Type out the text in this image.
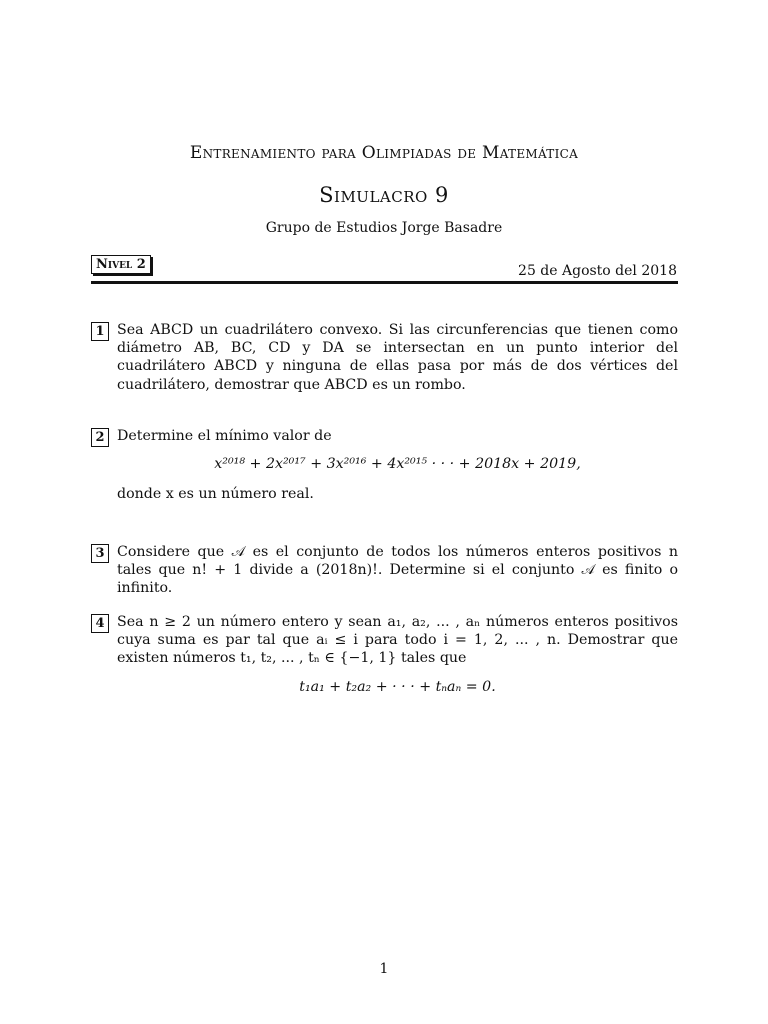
Entrenamiento para Olimpiadas de Matemática
Simulacro 9
Grupo de Estudios Jorge Basadre
Nivel 2	25 de Agosto del 2018
1 Sea ABCD un cuadrilátero convexo. Si las circunferencias que tienen como diámetro AB, BC, CD y DA se intersectan en un punto interior del cuadrilátero ABCD y ninguna de ellas pasa por más de dos vértices del cuadrilátero, demostrar que ABCD es un rombo.
2 Determine el mínimo valor de
x²⁰¹⁸ + 2x²⁰¹⁷ + 3x²⁰¹⁶ + 4x²⁰¹⁵ · · · + 2018x + 2019,
donde x es un número real.
3 Considere que 𝒜 es el conjunto de todos los números enteros positivos n tales que n! + 1 divide a (2018n)!. Determine si el conjunto 𝒜 es finito o infinito.
4 Sea n ≥ 2 un número entero y sean a₁, a₂, ... , aₙ números enteros positivos cuya suma es par tal que aᵢ ≤ i para todo i = 1, 2, ... , n. Demostrar que existen números t₁, t₂, ... , tₙ ∈ {−1, 1} tales que
t₁a₁ + t₂a₂ + · · · + tₙaₙ = 0.
1
